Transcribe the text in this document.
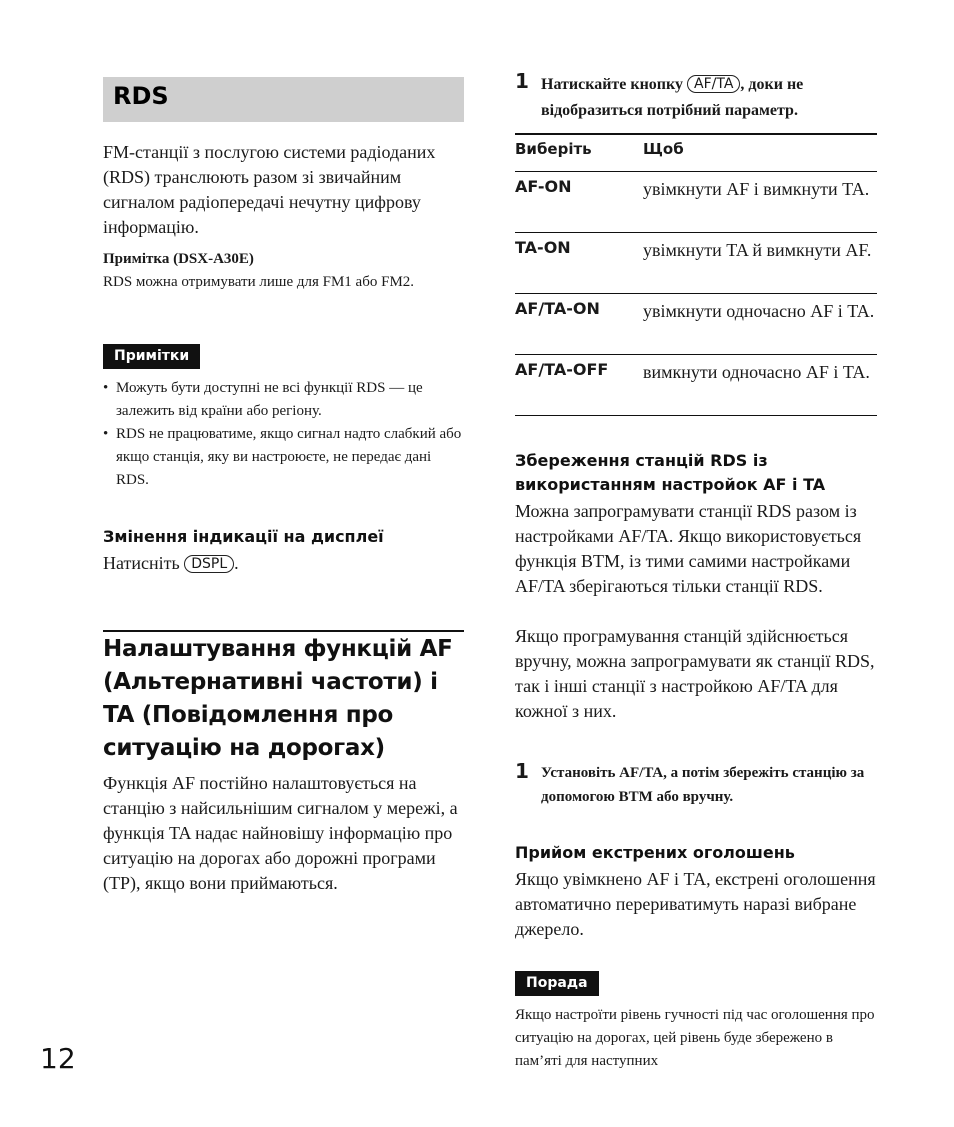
RDS

FM-станції з послугою системи радіоданих (RDS) транслюють разом зі звичайним сигналом радіопередачі нечутну цифрову інформацію.

Примітка (DSX-A30E)

RDS можна отримувати лише для FM1 або FM2.

Примітки
• Можуть бути доступні не всі функції RDS — це залежить від країни або регіону.
• RDS не працюватиме, якщо сигнал надто слабкий або якщо станція, яку ви настроюєте, не передає дані RDS.
Змінення індикації на дисплеї
Натисніть DSPL .
Налаштування функцій AF (Альтернативні частоти) і TA (Повідомлення про ситуацію на дорогах)

Функція AF постійно налаштовується на станцію з найсильнішим сигналом у мережі, а функція TA надає найновішу інформацію про ситуацію на дорогах або дорожні програми (TP), якщо вони приймаються.

1 Натискайте кнопку AF/TA , доки не відобразиться потрібний параметр.

Виберіть	Щоб
AF-ON	увімкнути AF і вимкнути TA.
TA-ON	увімкнути TA й вимкнути AF.
AF/TA-ON	увімкнути одночасно AF і TA.
AF/TA-OFF	вимкнути одночасно AF і TA.
Збереження станцій RDS із використанням настройок AF і TA

Можна запрограмувати станції RDS разом із настройками AF/TA. Якщо використовується функція BTM, із тими самими настройками AF/TA зберігаються тільки станції RDS.

Якщо програмування станцій здійснюється вручну, можна запрограмувати як станції RDS, так і інші станції з настройкою AF/TA для кожної з них.

1 Установіть AF/TA, а потім збережіть станцію за допомогою BTM або вручну.

Прийом екстрених оголошень

Якщо увімкнено AF і TA, екстрені оголошення автоматично перериватимуть наразі вибране джерело.

Порада

Якщо настроїти рівень гучності під час оголошення про ситуацію на дорогах, цей рівень буде збережено в пам’яті для наступних

12
